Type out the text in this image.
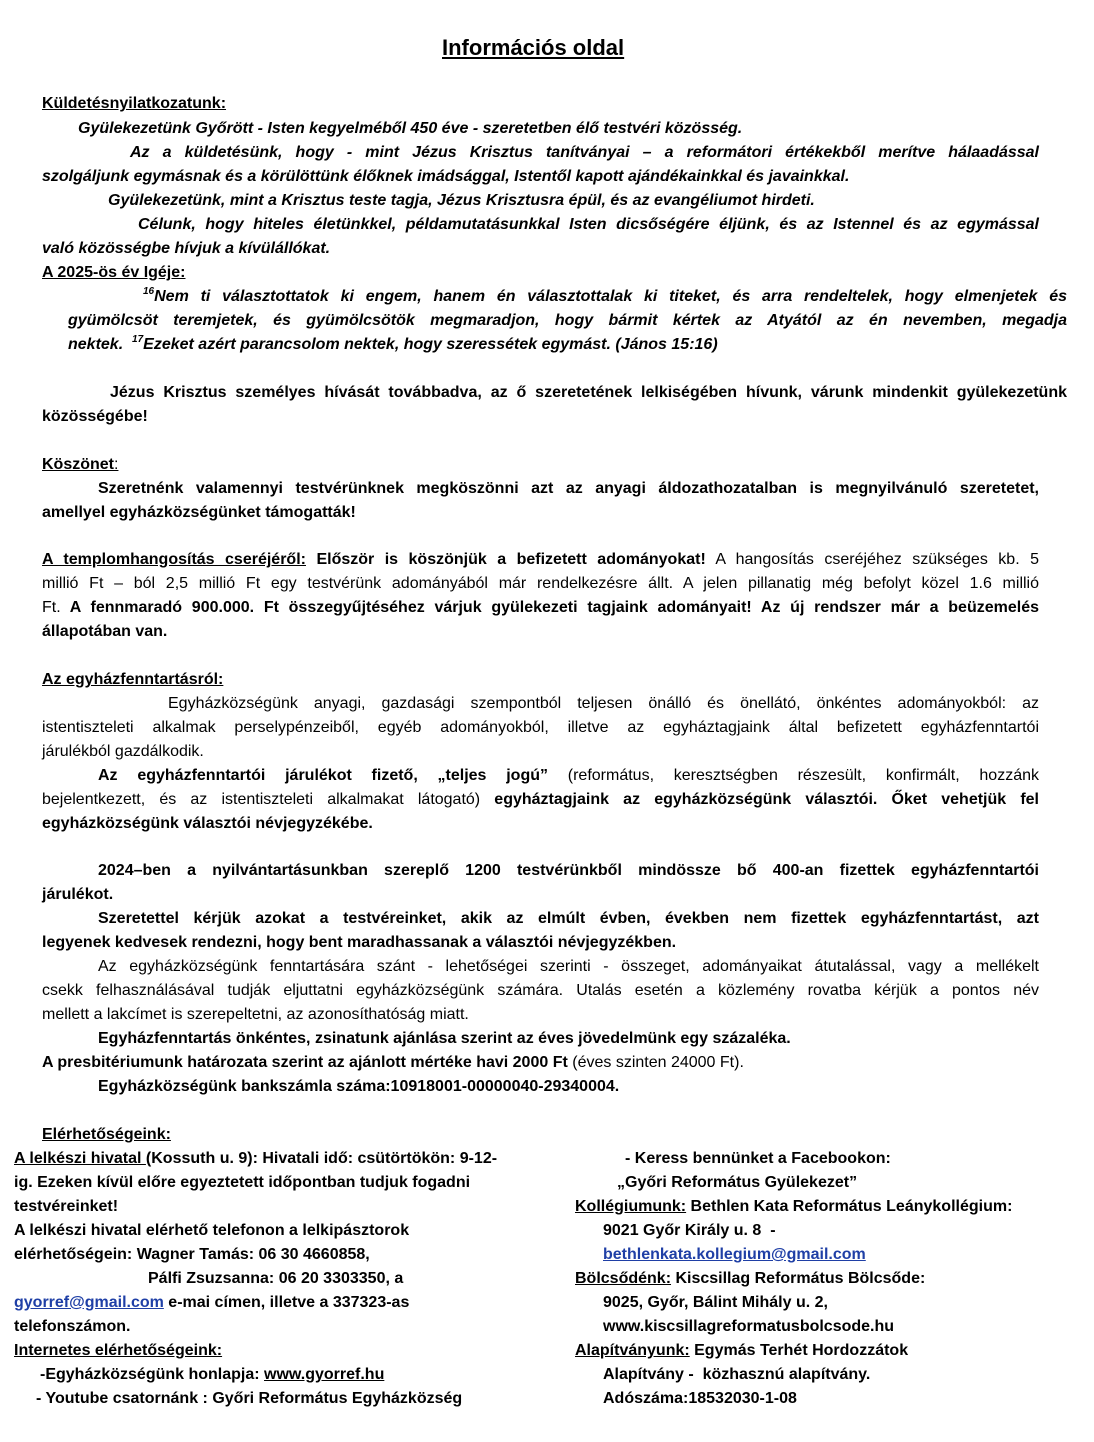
Információs oldal
Küldetésnyilatkozatunk:
Gyülekezetünk Győrött - Isten kegyelméből 450 éve - szeretetben élő testvéri közösség.
Az a küldetésünk, hogy - mint Jézus Krisztus tanítványai – a reformátori értékekből merítve hálaadással
szolgáljunk egymásnak és a körülöttünk élőknek imádsággal, Istentől kapott ajándékainkkal és javainkkal.
Gyülekezetünk, mint a Krisztus teste tagja, Jézus Krisztusra épül, és az evangéliumot hirdeti.
Célunk, hogy hiteles életünkkel, példamutatásunkkal Isten dicsőségére éljünk, és az Istennel és az egymással
való közösségbe hívjuk a kívülállókat.
A 2025-ös év Igéje:
$^{16}$Nem ti választottatok ki engem, hanem én választottalak ki titeket, és arra rendeltelek, hogy elmenjetek és
gyümölcsöt teremjetek, és gyümölcsötök megmaradjon, hogy bármit kértek az Atyától az én nevemben, megadja
nektek. $^{17}$Ezeket azért parancsolom nektek, hogy szeressétek egymást. (János 15:16)
Jézus Krisztus személyes hívását továbbadva, az ő szeretetének lelkiségében hívunk, várunk mindenkit gyülekezetünk
közösségébe!
Köszönet:
Szeretnénk valamennyi testvérünknek megköszönni azt az anyagi áldozathozatalban is megnyilvánuló szeretetet,
amellyel egyházközségünket támogatták!
A templomhangosítás cseréjéről: Először is köszönjük a befizetett adományokat! A hangosítás cseréjéhez szükséges kb. 5
millió Ft – ból 2,5 millió Ft egy testvérünk adományából már rendelkezésre állt. A jelen pillanatig még befolyt közel 1.6 millió
Ft. A fennmaradó 900.000. Ft összegyűjtéséhez várjuk gyülekezeti tagjaink adományait! Az új rendszer már a beüzemelés
állapotában van.
Az egyházfenntartásról:
Egyházközségünk anyagi, gazdasági szempontból teljesen önálló és önellátó, önkéntes adományokból: az
istentiszteleti alkalmak perselypénzeiből, egyéb adományokból, illetve az egyháztagjaink által befizetett egyházfenntartói
járulékból gazdálkodik.
Az egyházfenntartói járulékot fizető, „teljes jogú” (református, keresztségben részesült, konfirmált, hozzánk
bejelentkezett, és az istentiszteleti alkalmakat látogató) egyháztagjaink az egyházközségünk választói. Őket vehetjük fel
egyházközségünk választói névjegyzékébe.
2024–ben a nyilvántartásunkban szereplő 1200 testvérünkből mindössze bő 400-an fizettek egyházfenntartói
járulékot.
Szeretettel kérjük azokat a testvéreinket, akik az elmúlt évben, években nem fizettek egyházfenntartást, azt
legyenek kedvesek rendezni, hogy bent maradhassanak a választói névjegyzékben.
Az egyházközségünk fenntartására szánt - lehetőségei szerinti - összeget, adományaikat átutalással, vagy a mellékelt
csekk felhasználásával tudják eljuttatni egyházközségünk számára. Utalás esetén a közlemény rovatba kérjük a pontos név
mellett a lakcímet is szerepeltetni, az azonosíthatóság miatt.
Egyházfenntartás önkéntes, zsinatunk ajánlása szerint az éves jövedelmünk egy százaléka.
A presbitériumunk határozata szerint az ajánlott mértéke havi 2000 Ft (éves szinten 24000 Ft).
Egyházközségünk bankszámla száma:10918001-00000040-29340004.
Elérhetőségeink:
A lelkészi hivatal (Kossuth u. 9): Hivatali idő: csütörtökön: 9-12-
ig. Ezeken kívül előre egyeztetett időpontban tudjuk fogadni
testvéreinket!
A lelkészi hivatal elérhető telefonon a lelkipásztorok
elérhetőségein: Wagner Tamás: 06 30 4660858,
Pálfi Zsuzsanna: 06 20 3303350, a
gyorref@gmail.com e-mai címen, illetve a 337323-as
telefonszámon.
Internetes elérhetőségeink:
-Egyházközségünk honlapja: www.gyorref.hu
- Youtube csatornánk : Győri Református Egyházközség
- Keress bennünket a Facebookon:
„Győri Református Gyülekezet”
Kollégiumunk: Bethlen Kata Református Leánykollégium:
9021 Győr Király u. 8  -
bethlenkata.kollegium@gmail.com
Bölcsődénk: Kiscsillag Református Bölcsőde:
9025, Győr, Bálint Mihály u. 2,
www.kiscsillagreformatusbolcsode.hu
Alapítványunk: Egymás Terhét Hordozzátok
Alapítvány -  közhasznú alapítvány.
Adószáma:18532030-1-08
